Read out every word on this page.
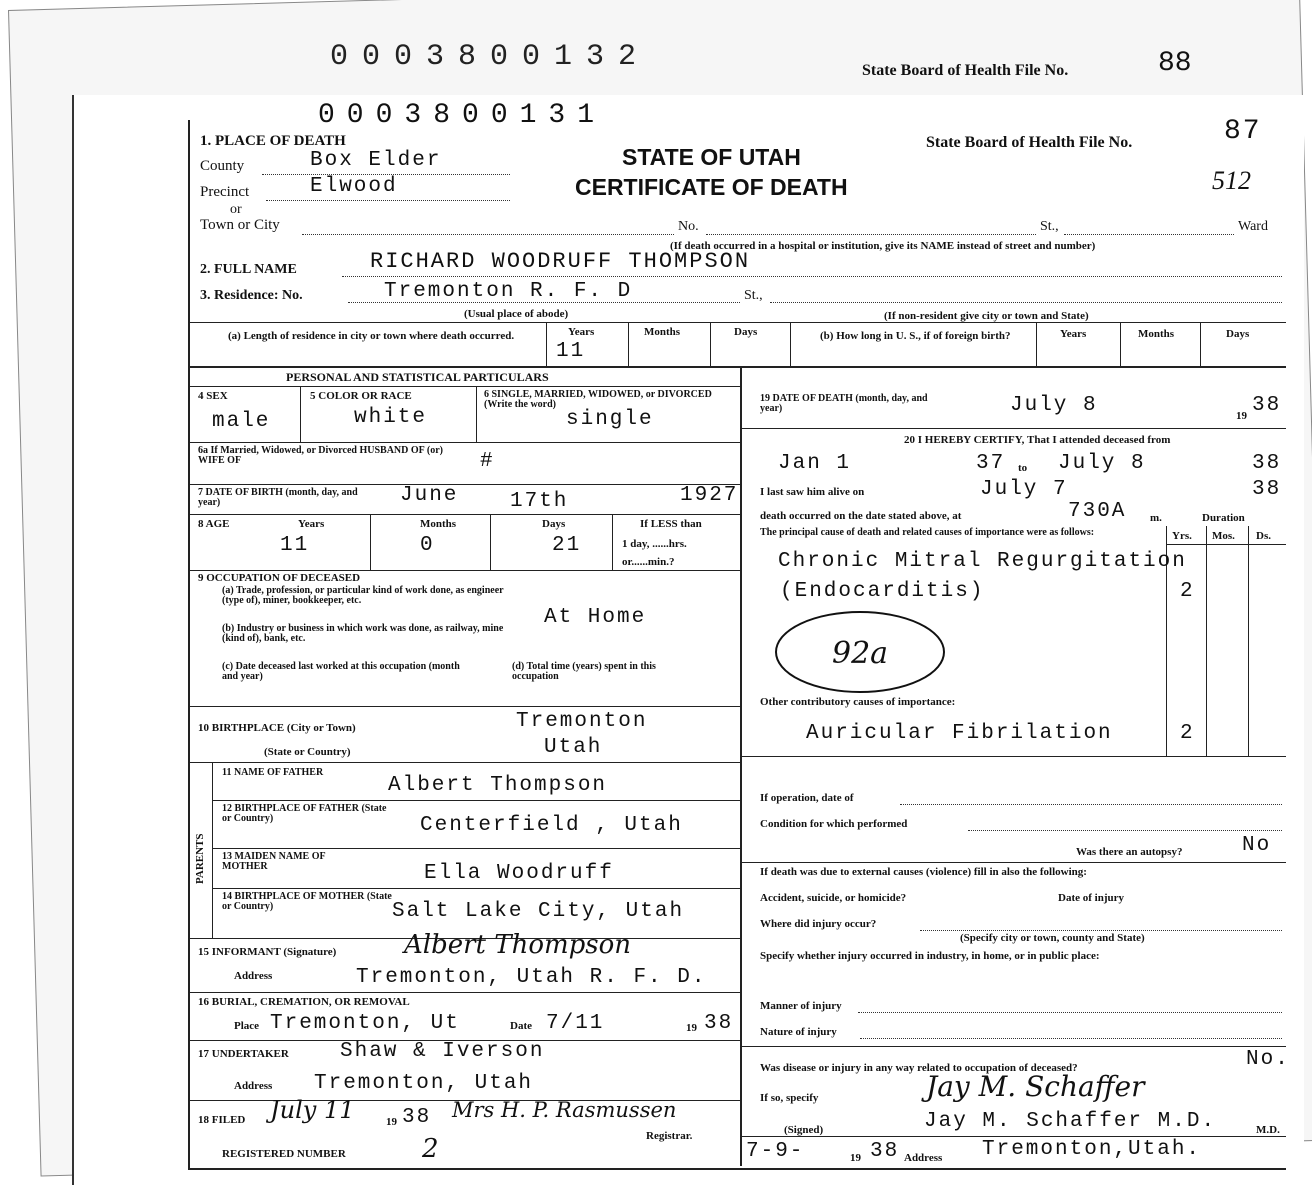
0003800132	State Board of Health File No.	88
0003800131
STATE OF UTAH
CERTIFICATE OF DEATH
State Board of Health File No.	87
512
1. PLACE OF DEATH
County	Box Elder
Precinct	Elwood
or
Town or City	No.	St.,	Ward
(If death occurred in a hospital or institution, give its NAME instead of street and number)
2. FULL NAME	RICHARD WOODRUFF THOMPSON
3. Residence: No.	Tremonton R. F. D	St.,
(Usual place of abode)	(If non-resident give city or town and State)
(a) Length of residence in city or town where death occurred.	Years	Months	Days
11
(b) How long in U. S., if of foreign birth?	Years	Months	Days
PERSONAL AND STATISTICAL PARTICULARS
4 SEX
male
5 COLOR OR RACE
white
6 SINGLE, MARRIED, WIDOWED, or DIVORCED (Write the word)
single
6a If Married, Widowed, or Divorced HUSBAND OF (or) WIFE OF	#
7 DATE OF BIRTH (month, day, and year)	June 17th	1927
8 AGE	Years	Months	Days	If LESS than
1 day, ......hrs.
or......min.?
11	0	21
9 OCCUPATION OF DECEASED
(a) Trade, profession, or particular kind of work done, as engineer (type of), miner, bookkeeper, etc.
(b) Industry or business in which work was done, as railway, mine (kind of), bank, etc.
(c) Date deceased last worked at this occupation (month and year)
(d) Total time (years) spent in this occupation
At Home
10 BIRTHPLACE (City or Town)	Tremonton
(State or Country)	Utah
PARENTS
11 NAME OF FATHER
Albert Thompson
12 BIRTHPLACE OF FATHER (State or Country)	Centerfield , Utah
13 MAIDEN NAME OF MOTHER	Ella Woodruff
14 BIRTHPLACE OF MOTHER (State or Country)	Salt Lake City, Utah
15 INFORMANT (Signature)	Albert Thompson
Address	Tremonton, Utah R. F. D.
16 BURIAL, CREMATION, OR REMOVAL
Place Tremonton, Ut	Date 7/11	19 38
17 UNDERTAKER Shaw & Iverson
Address Tremonton, Utah
18 FILED July 11	19 38 Mrs H. P. Rasmussen
Registrar.
REGISTERED NUMBER	2
19 DATE OF DEATH (month, day, and year)	July 8	19 38
20 I HEREBY CERTIFY, That I attended deceased from
Jan 1	37 to July 8	38
I last saw him alive on	July 7	38
death occurred on the date stated above, at	730A m.	Duration
The principal cause of death and related causes of importance were as follows:	Yrs. Mos. Ds.
Chronic Mitral Regurgitation
(Endocarditis)	2
92a
Other contributory causes of importance:
Auricular Fibrilation	2
If operation, date of
Condition for which performed
Was there an autopsy?	No
If death was due to external causes (violence) fill in also the following:
Accident, suicide, or homicide?	Date of injury
Where did injury occur?
(Specify city or town, county and State)
Specify whether injury occurred in industry, in home, or in public place:
Manner of injury
Nature of injury
Was disease or injury in any way related to occupation of deceased?	No.
If so, specify	Jay M. Schaffer
(Signed)	Jay M. Schaffer M.D.	M.D.
7-9-	19 38 Address Tremonton,Utah.
